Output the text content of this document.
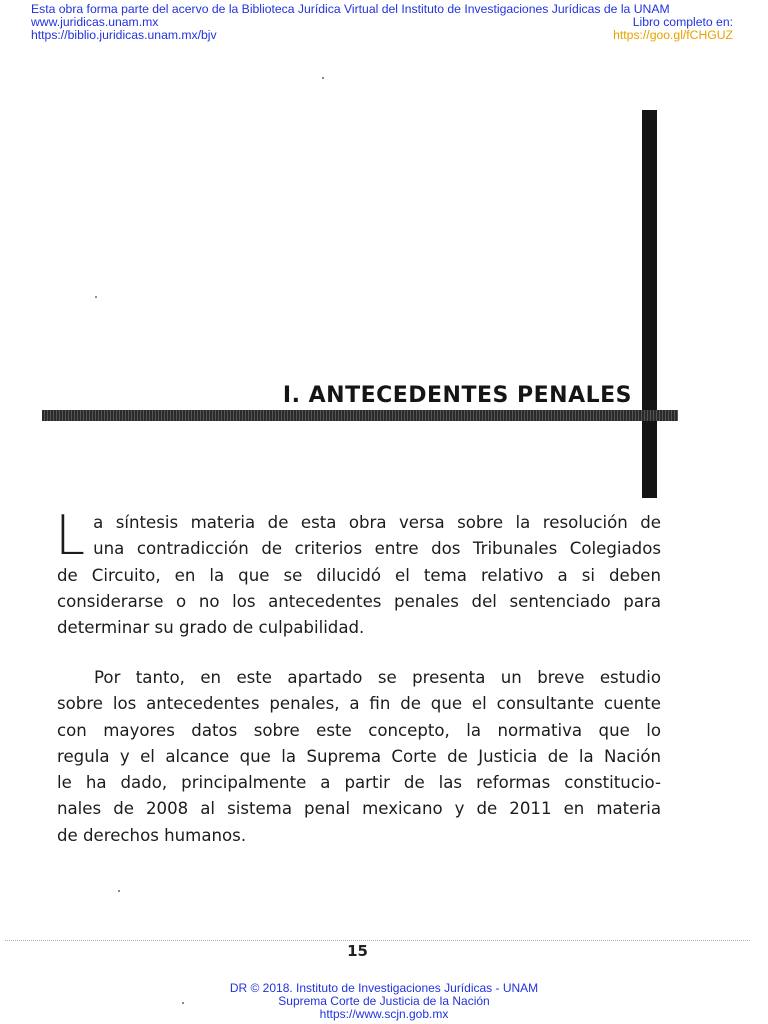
Esta obra forma parte del acervo de la Biblioteca Jurídica Virtual del Instituto de Investigaciones Jurídicas de la UNAM
www.juridicas.unam.mx
https://biblio.juridicas.unam.mx/bjv
Libro completo en:
https://goo.gl/fCHGUZ
I. ANTECEDENTES PENALES
L a síntesis materia de esta obra versa sobre la resolución de
una contradicción de criterios entre dos Tribunales Colegiados
de Circuito, en la que se dilucidó el tema relativo a si deben
considerarse o no los antecedentes penales del sentenciado para
determinar su grado de culpabilidad.
Por tanto, en este apartado se presenta un breve estudio
sobre los antecedentes penales, a fin de que el consultante cuente
con mayores datos sobre este concepto, la normativa que lo
regula y el alcance que la Suprema Corte de Justicia de la Nación
le ha dado, principalmente a partir de las reformas constitucio-
nales de 2008 al sistema penal mexicano y de 2011 en materia
de derechos humanos.
15
DR © 2018. Instituto de Investigaciones Jurídicas - UNAM
Suprema Corte de Justicia de la Nación
https://www.scjn.gob.mx
